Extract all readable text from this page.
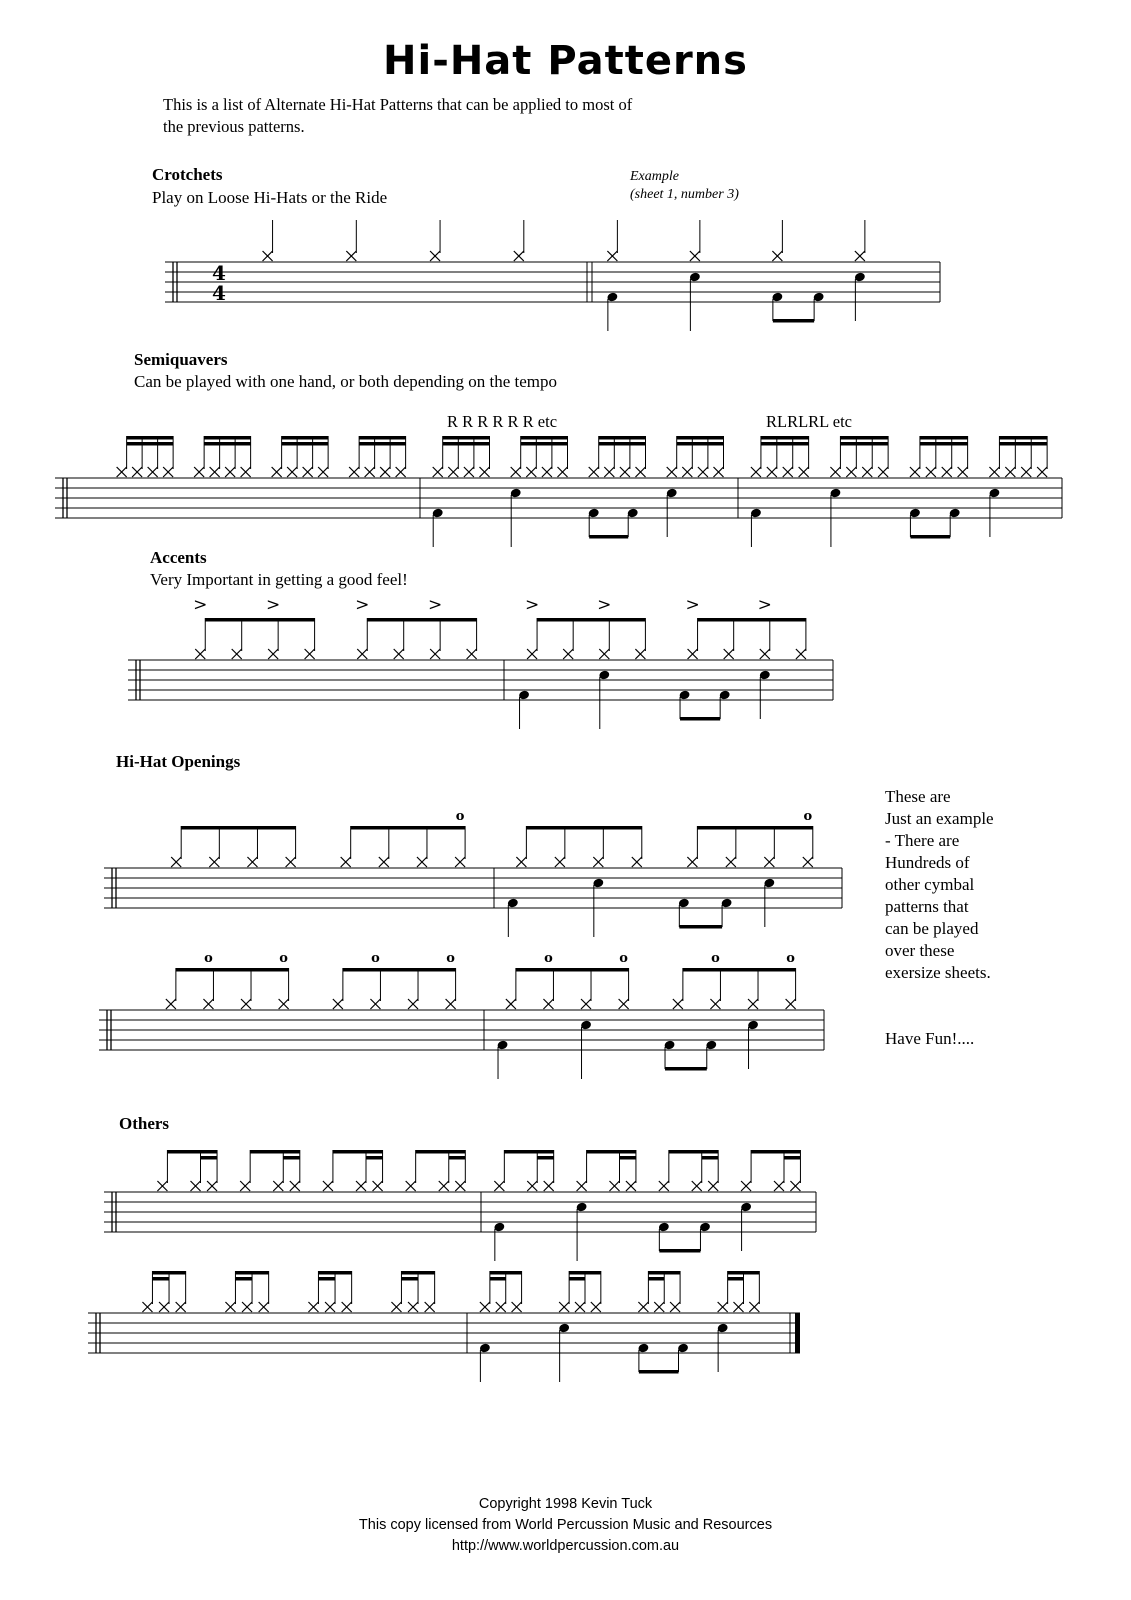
Hi-Hat Patterns
This is a list of Alternate Hi-Hat Patterns that can be applied to most of
the previous patterns.
Crotchets
Play on Loose Hi-Hats or the Ride
Example
(sheet 1, number 3)
Semiquavers
Can be played with one hand, or both depending on the tempo
R R R R R R etc	RLRLRL etc
Accents
Very Important in getting a good feel!
Hi-Hat Openings
Others
These are
Just an example
- There are
Hundreds of
other cymbal
patterns that
can be played
over these
exersize sheets.
Have Fun!....
Copyright 1998 Kevin Tuck
This copy licensed from World Percussion Music and Resources
http://www.worldpercussion.com.au
4
4
>	>	>	>	>	>	>	>
o	o
o	o	o	o	o	o	o	o
